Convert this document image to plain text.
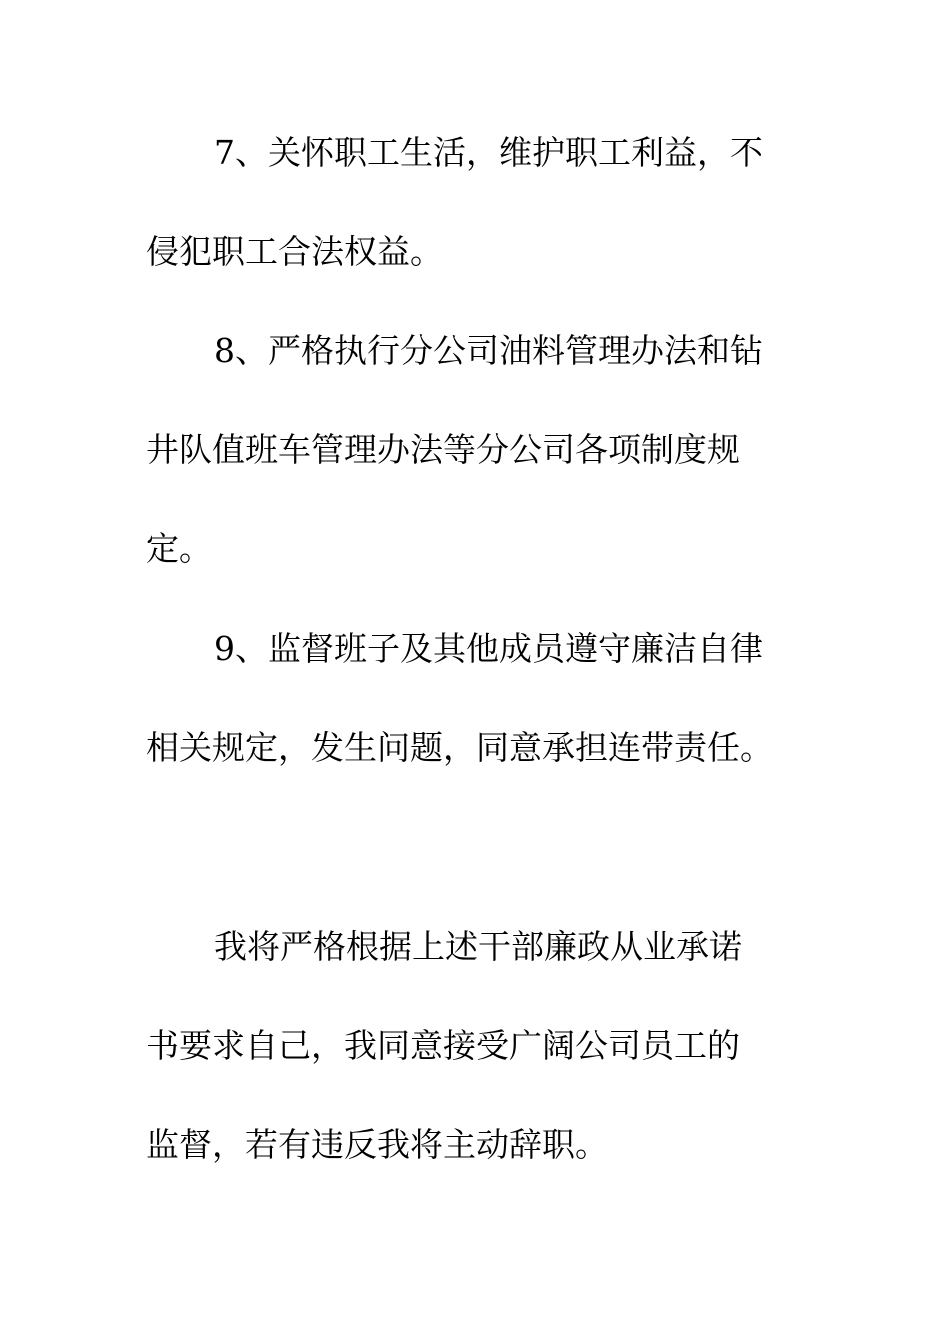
7、关怀职工生活，维护职工利益，不
侵犯职工合法权益。
8、严格执行分公司油料管理办法和钻
井队值班车管理办法等分公司各项制度规
定。
9、监督班子及其他成员遵守廉洁自律
相关规定，发生问题，同意承担连带责任。
我将严格根据上述干部廉政从业承诺
书要求自己，我同意接受广阔公司员工的
监督，若有违反我将主动辞职。
